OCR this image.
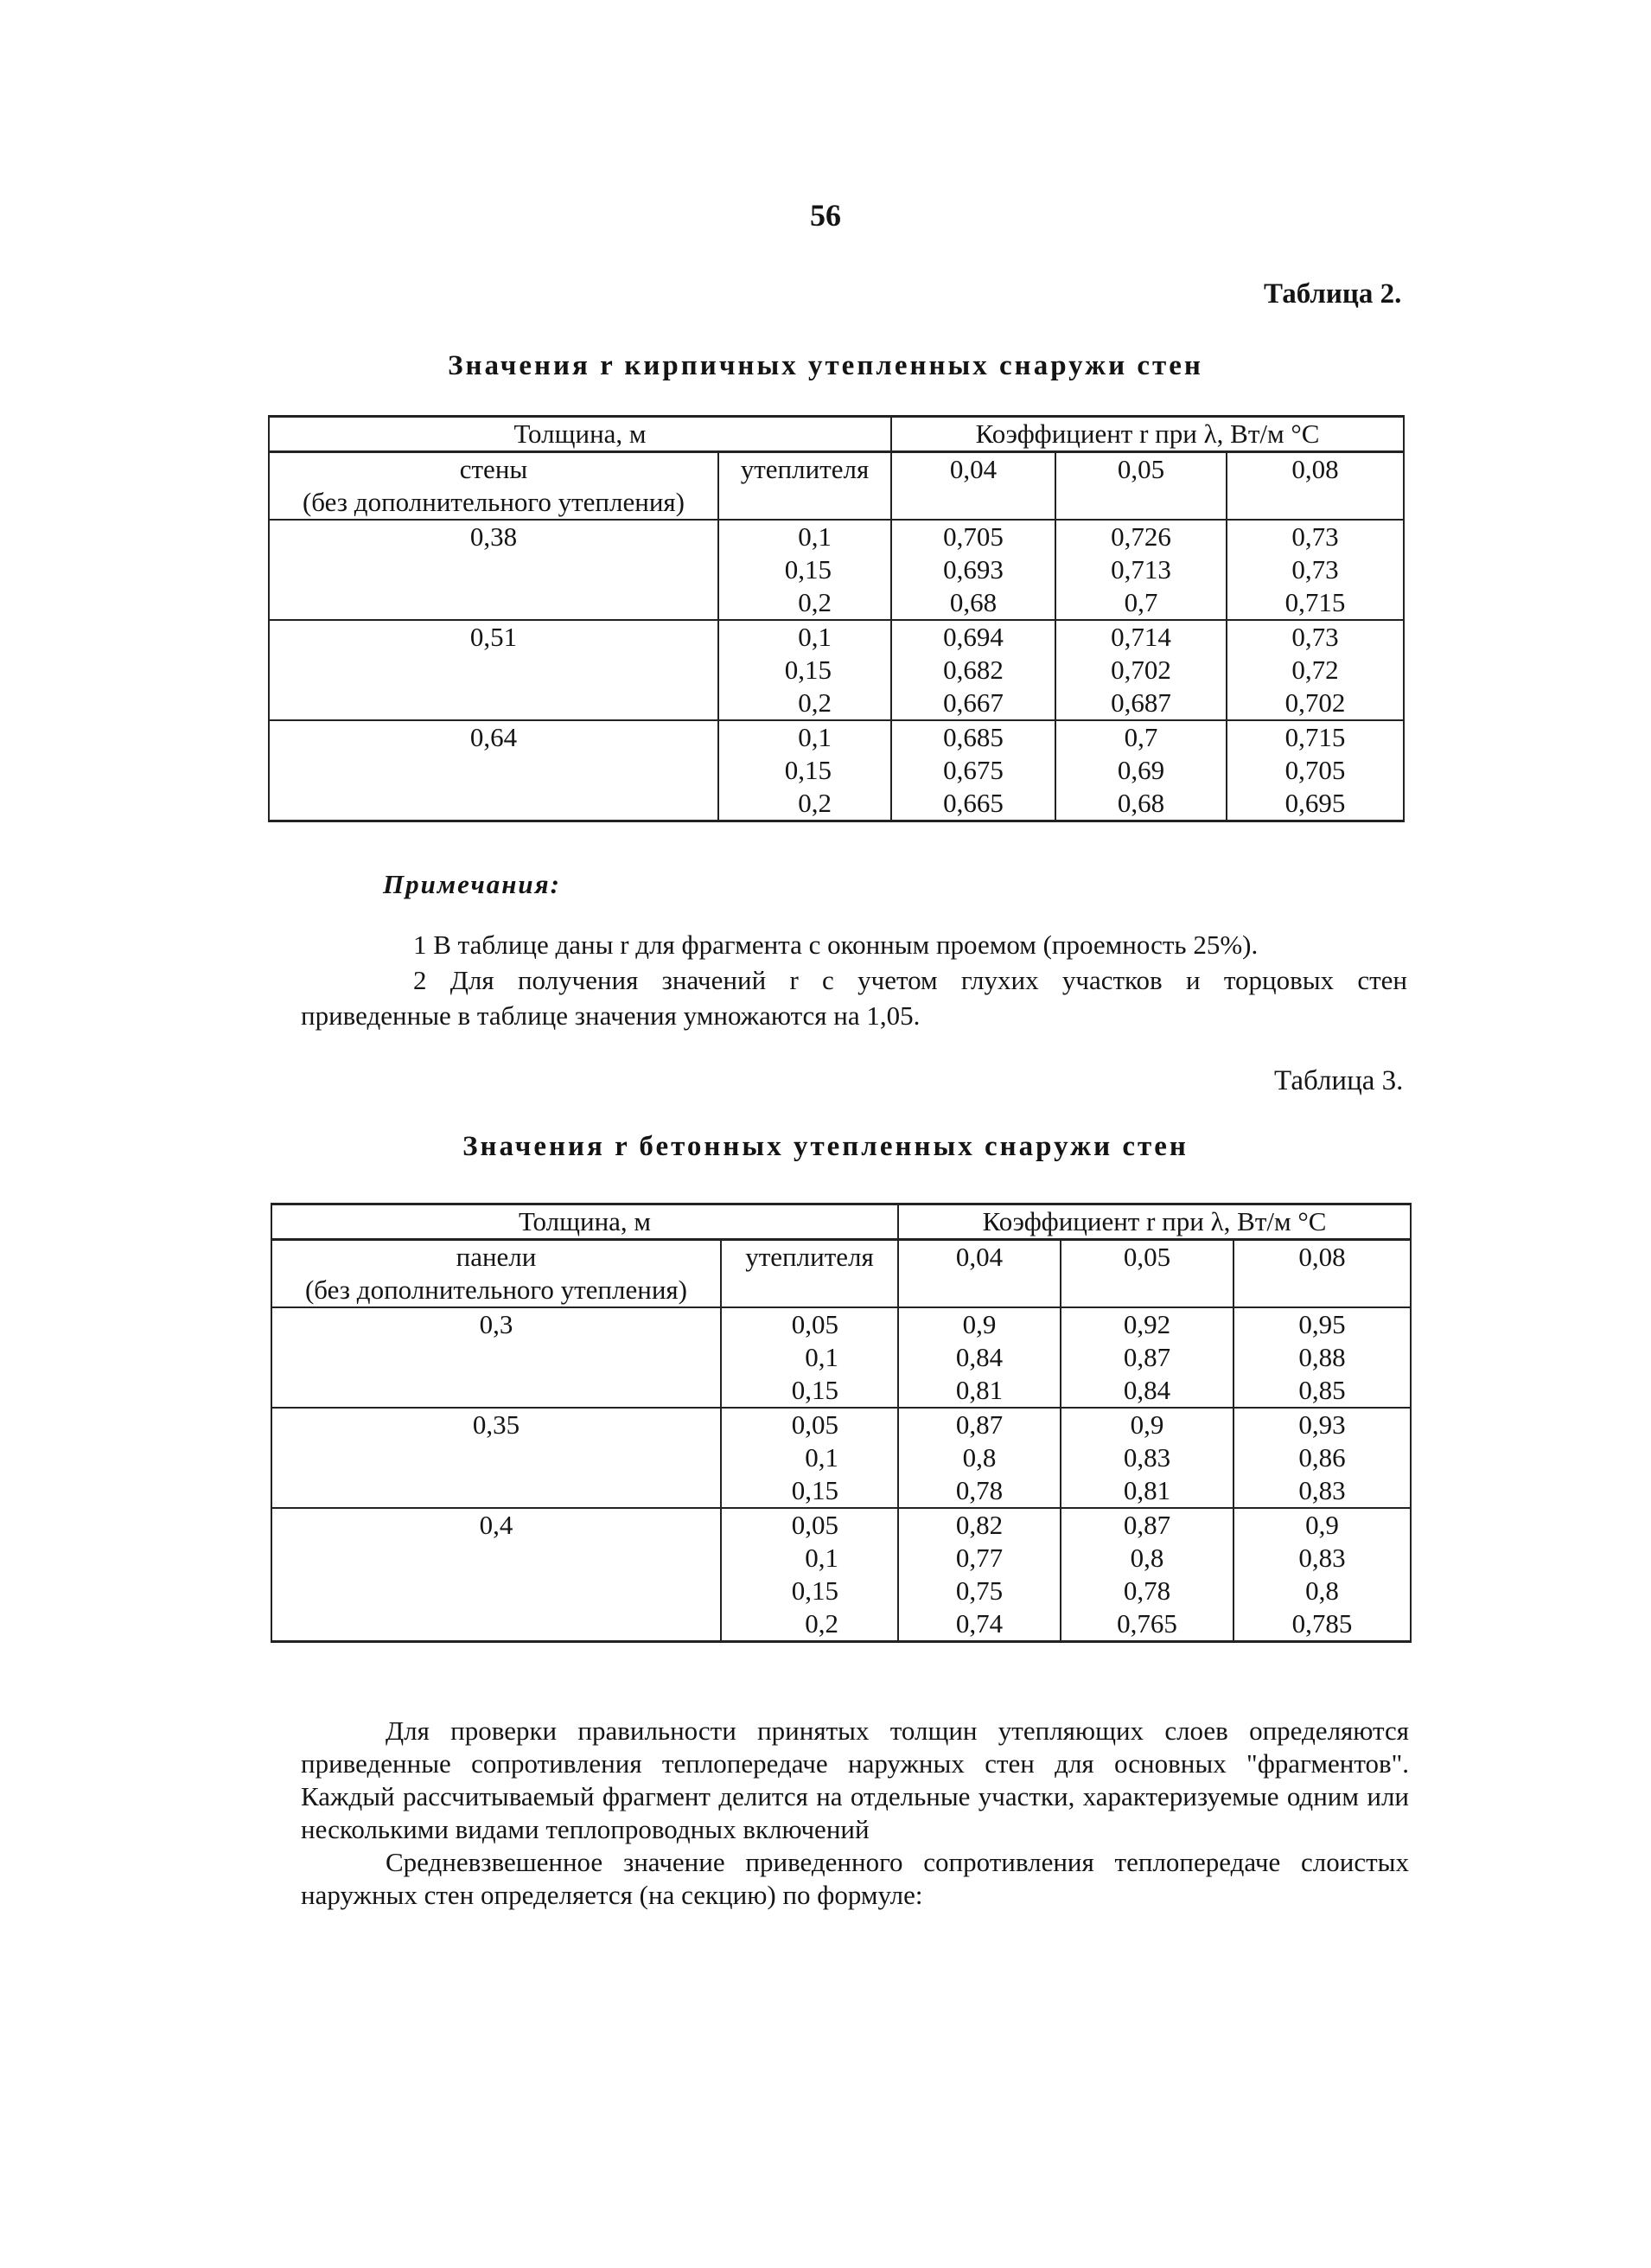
56
Таблица 2.
Значения r кирпичных утепленных снаружи стен
Толщина, м		Коэффициент r при λ, Вт/м °С		

стены
(без дополнительного утепления)	утеплителя	0,04	0,05	0,08
0,38	0,1	0,705	0,726	0,73
	0,15	0,693	0,713	0,73
	0,2	0,68	0,7	0,715
0,51	0,1	0,694	0,714	0,73
	0,15	0,682	0,702	0,72
	0,2	0,667	0,687	0,702
0,64	0,1	0,685	0,7	0,715
	0,15	0,675	0,69	0,705
	0,2	0,665	0,68	0,695
Примечания:
1 В таблице даны r для фрагмента с оконным проемом (проемность 25%).
2 Для получения значений r с учетом глухих участков и торцовых стен
приведенные в таблице значения умножаются на 1,05.
Таблица 3.
Значения r бетонных утепленных снаружи стен
Толщина, м		Коэффициент r при λ, Вт/м °С		

панели
(без дополнительного утепления)	утеплителя	0,04	0,05	0,08
0,3	0,05	0,9	0,92	0,95
	0,1	0,84	0,87	0,88
	0,15	0,81	0,84	0,85
0,35	0,05	0,87	0,9	0,93
	0,1	0,8	0,83	0,86
	0,15	0,78	0,81	0,83
0,4	0,05	0,82	0,87	0,9
	0,1	0,77	0,8	0,83
	0,15	0,75	0,78	0,8
	0,2	0,74	0,765	0,785
Для проверки правильности принятых толщин утепляющих слоев определяются приведенные сопротивления теплопередаче наружных стен для основных "фрагментов". Каждый рассчитываемый фрагмент делится на отдельные участки, характеризуемые одним или несколькими видами теплопроводных включений
Средневзвешенное значение приведенного сопротивления теплопередаче слоистых наружных стен определяется (на секцию) по формуле:
